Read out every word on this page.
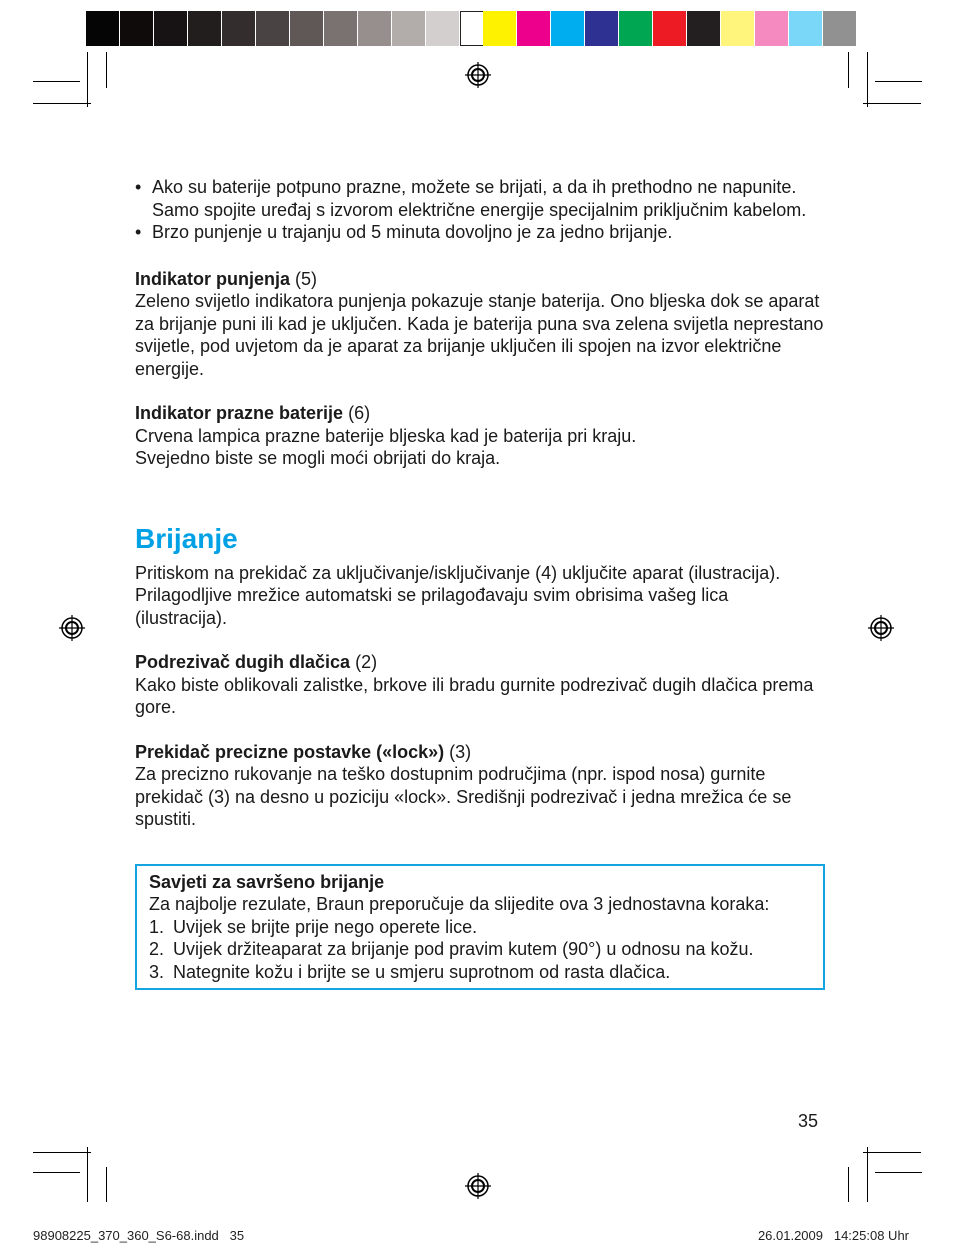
• Ako su baterije potpuno prazne, možete se brijati, a da ih prethodno ne napunite. Samo spojite uređaj s izvorom električne energije specijalnim priključnim kabelom.
• Brzo punjenje u trajanju od 5 minuta dovoljno je za jedno brijanje.

Indikator punjenja (5)

Zeleno svijetlo indikatora punjenja pokazuje stanje baterija. Ono bljeska dok se aparat za brijanje puni ili kad je uključen. Kada je baterija puna sva zelena svijetla neprestano svijetle, pod uvjetom da je aparat za brijanje uključen ili spojen na izvor električne energije.

Indikator prazne baterije (6)

Crvena lampica prazne baterije bljeska kad je baterija pri kraju.

Svejedno biste se mogli moći obrijati do kraja.

Brijanje

Pritiskom na prekidač za uključivanje/isključivanje (4) uključite aparat (ilustracija).

Prilagodljive mrežice automatski se prilagođavaju svim obrisima vašeg lica (ilustracija).

Podrezivač dugih dlačica (2)

Kako biste oblikovali zalistke, brkove ili bradu gurnite podrezivač dugih dlačica prema gore.

Prekidač precizne postavke («lock») (3)

Za precizno rukovanje na teško dostupnim područjima (npr. ispod nosa) gurnite prekidač (3) na desno u poziciju «lock». Središnji podrezivač i jedna mrežica će se spustiti.

Savjeti za savršeno brijanje

Za najbolje rezulate, Braun preporučuje da slijedite ova 3 jednostavna koraka:

1. Uvijek se brijte prije nego operete lice.
2. Uvijek držiteaparat za brijanje pod pravim kutem (90°) u odnosu na kožu.
3. Nategnite kožu i brijte se u smjeru suprotnom od rasta dlačica.
35
98908225_370_360_S6-68.indd   35	26.01.2009   14:25:08 Uhr
